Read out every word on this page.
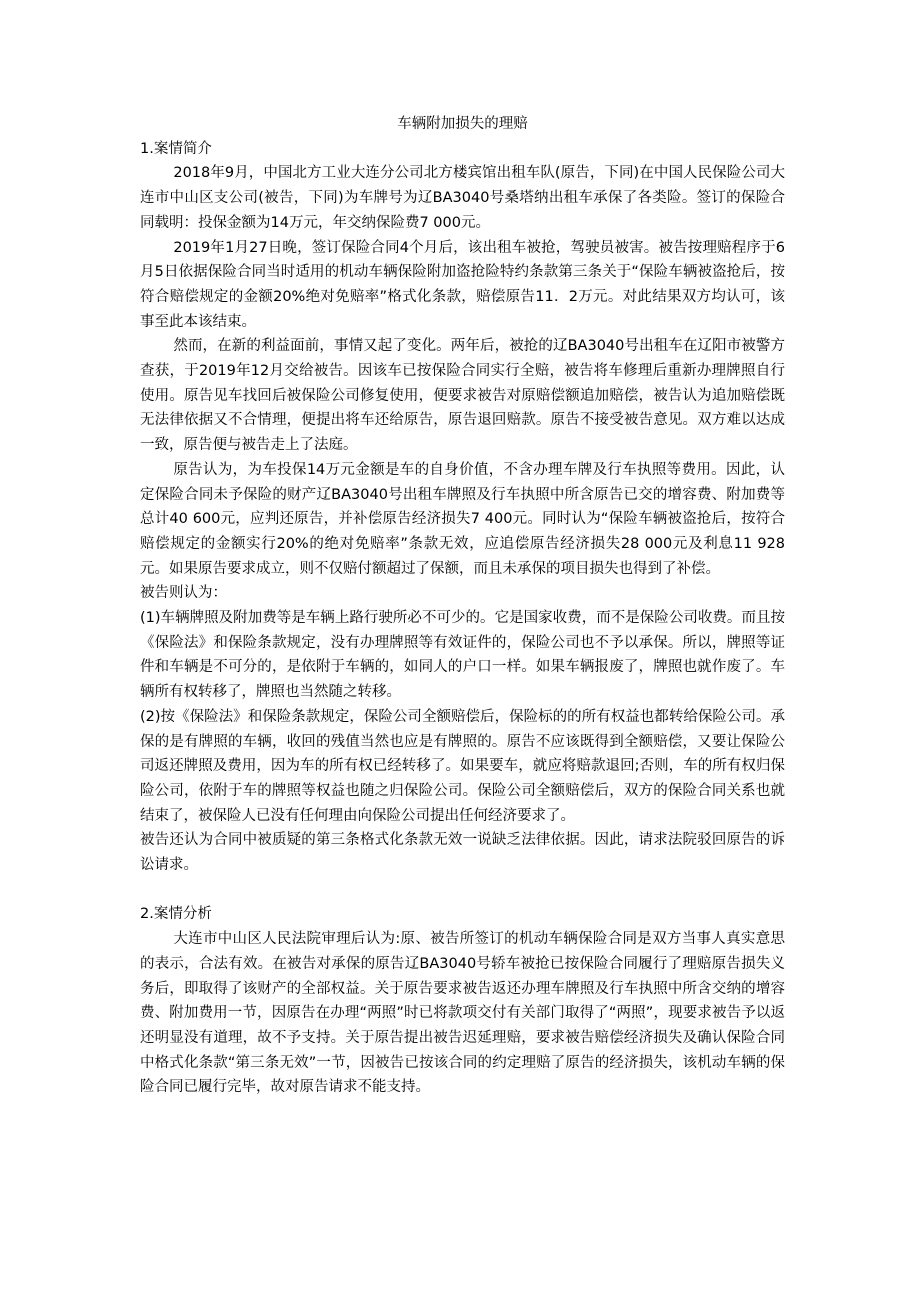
车辆附加损失的理赔

1.案情简介

2018年9月，中国北方工业大连分公司北方楼宾馆出租车队(原告，下同)在中国人民保险公司大连市中山区支公司(被告，下同)为车牌号为辽BA3040号桑塔纳出租车承保了各类险。签订的保险合同载明：投保金额为14万元，年交纳保险费7 000元。

2019年1月27日晚，签订保险合同4个月后，该出租车被抢，驾驶员被害。被告按理赔程序于6月5日依据保险合同当时适用的机动车辆保险附加盗抢险特约条款第三条关于“保险车辆被盗抢后，按符合赔偿规定的金额20%绝对免赔率”格式化条款，赔偿原告11．2万元。对此结果双方均认可，该事至此本该结束。

然而，在新的利益面前，事情又起了变化。两年后，被抢的辽BA3040号出租车在辽阳市被警方查获，于2019年12月交给被告。因该车已按保险合同实行全赔，被告将车修理后重新办理牌照自行使用。原告见车找回后被保险公司修复使用，便要求被告对原赔偿额追加赔偿，被告认为追加赔偿既无法律依据又不合情理，便提出将车还给原告，原告退回赔款。原告不接受被告意见。双方难以达成一致，原告便与被告走上了法庭。

原告认为，为车投保14万元金额是车的自身价值，不含办理车牌及行车执照等费用。因此，认定保险合同未予保险的财产辽BA3040号出租车牌照及行车执照中所含原告已交的增容费、附加费等总计40 600元，应判还原告，并补偿原告经济损失7 400元。同时认为“保险车辆被盗抢后，按符合赔偿规定的金额实行20%的绝对免赔率”条款无效，应追偿原告经济损失28 000元及利息11 928元。如果原告要求成立，则不仅赔付额超过了保额，而且未承保的项目损失也得到了补偿。

被告则认为：

(1)车辆牌照及附加费等是车辆上路行驶所必不可少的。它是国家收费，而不是保险公司收费。而且按《保险法》和保险条款规定，没有办理牌照等有效证件的，保险公司也不予以承保。所以，牌照等证件和车辆是不可分的，是依附于车辆的，如同人的户口一样。如果车辆报废了，牌照也就作废了。车辆所有权转移了，牌照也当然随之转移。

(2)按《保险法》和保险条款规定，保险公司全额赔偿后，保险标的的所有权益也都转给保险公司。承保的是有牌照的车辆，收回的残值当然也应是有牌照的。原告不应该既得到全额赔偿，又要让保险公司返还牌照及费用，因为车的所有权已经转移了。如果要车，就应将赔款退回;否则，车的所有权归保险公司，依附于车的牌照等权益也随之归保险公司。保险公司全额赔偿后，双方的保险合同关系也就结束了，被保险人已没有任何理由向保险公司提出任何经济要求了。

被告还认为合同中被质疑的第三条格式化条款无效一说缺乏法律依据。因此，请求法院驳回原告的诉讼请求。

2.案情分析

大连市中山区人民法院审理后认为:原、被告所签订的机动车辆保险合同是双方当事人真实意思的表示，合法有效。在被告对承保的原告辽BA3040号轿车被抢已按保险合同履行了理赔原告损失义务后，即取得了该财产的全部权益。关于原告要求被告返还办理车牌照及行车执照中所含交纳的增容费、附加费用一节，因原告在办理“两照”时已将款项交付有关部门取得了“两照”，现要求被告予以返还明显没有道理，故不予支持。关于原告提出被告迟延理赔，要求被告赔偿经济损失及确认保险合同中格式化条款“第三条无效”一节，因被告已按该合同的约定理赔了原告的经济损失，该机动车辆的保险合同已履行完毕，故对原告请求不能支持。
